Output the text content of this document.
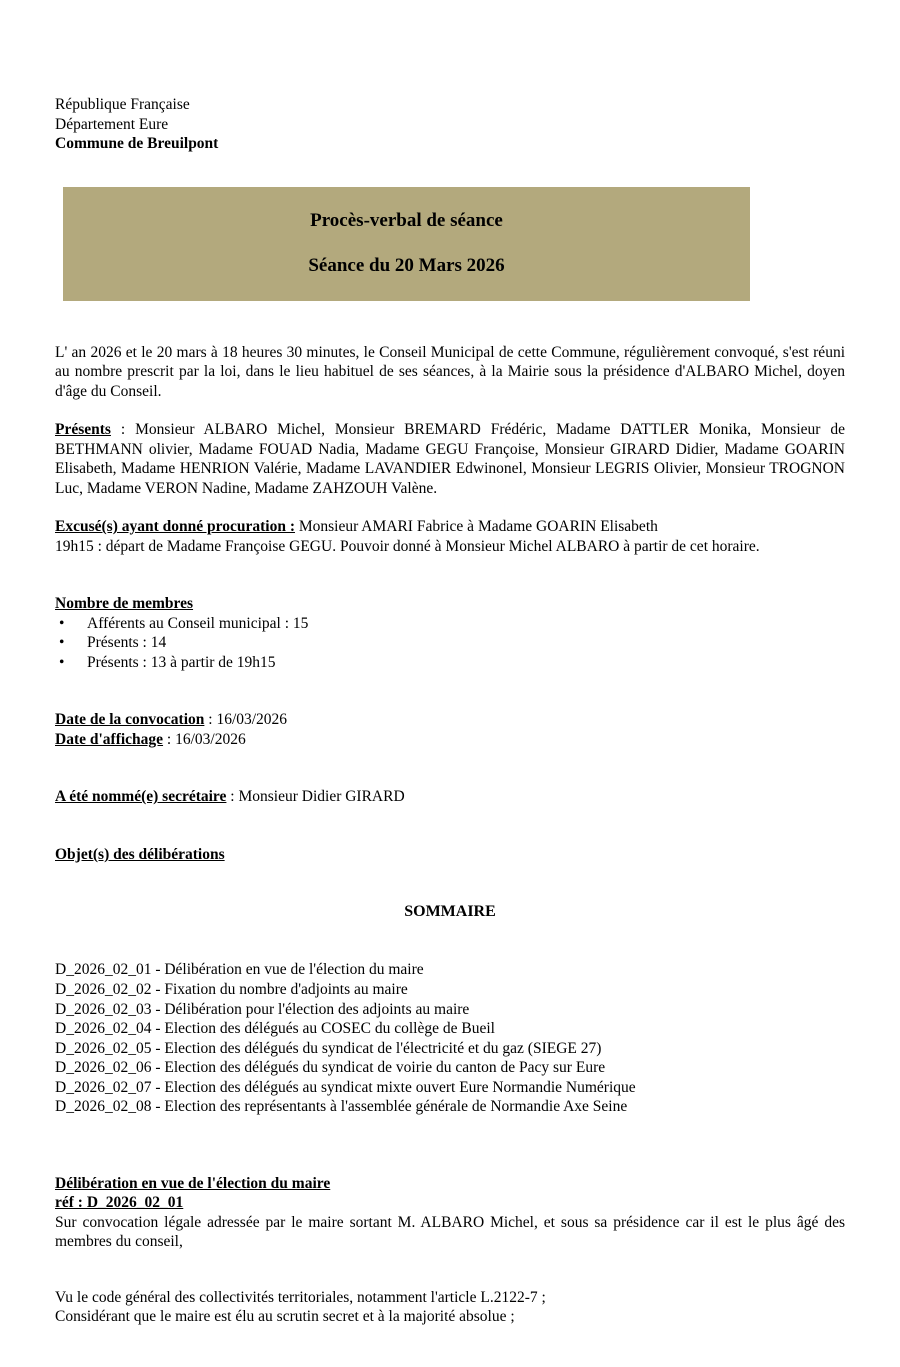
République Française
Département Eure
Commune de Breuilpont
Procès-verbal de séance
Séance du 20 Mars 2026

L' an 2026 et le 20 mars à 18 heures 30 minutes, le Conseil Municipal de cette Commune, régulièrement convoqué, s'est réuni au nombre prescrit par la loi, dans le lieu habituel de ses séances, à la Mairie sous la présidence d'ALBARO Michel, doyen d'âge du Conseil.

Présents : Monsieur ALBARO Michel, Monsieur BREMARD Frédéric, Madame DATTLER Monika, Monsieur de BETHMANN olivier, Madame FOUAD Nadia, Madame GEGU Françoise, Monsieur GIRARD Didier, Madame GOARIN Elisabeth, Madame HENRION Valérie, Madame LAVANDIER Edwinonel, Monsieur LEGRIS Olivier, Monsieur TROGNON Luc, Madame VERON Nadine, Madame ZAHZOUH Valène.

Excusé(s) ayant donné procuration : Monsieur AMARI Fabrice à Madame GOARIN Elisabeth
19h15 : départ de Madame Françoise GEGU. Pouvoir donné à Monsieur Michel ALBARO à partir de cet horaire.
Nombre de membres
•
Afférents au Conseil municipal : 15
•
Présents : 14
•
Présents : 13 à partir de 19h15
Date de la convocation : 16/03/2026
Date d'affichage : 16/03/2026
A été nommé(e) secrétaire : Monsieur Didier GIRARD
Objet(s) des délibérations
SOMMAIRE
D_2026_02_01 - Délibération en vue de l'élection du maire
D_2026_02_02 - Fixation du nombre d'adjoints au maire
D_2026_02_03 - Délibération pour l'élection des adjoints au maire
D_2026_02_04 - Election des délégués au COSEC du collège de Bueil
D_2026_02_05 - Election des délégués du syndicat de l'électricité et du gaz (SIEGE 27)
D_2026_02_06 - Election des délégués du syndicat de voirie du canton de Pacy sur Eure
D_2026_02_07 - Election des délégués au syndicat mixte ouvert Eure Normandie Numérique
D_2026_02_08 - Election des représentants à l'assemblée générale de Normandie Axe Seine
Délibération en vue de l'élection du maire
réf : D_2026_02_01
Sur convocation légale adressée par le maire sortant M. ALBARO Michel, et sous sa présidence car il est le plus âgé des membres du conseil,
Vu le code général des collectivités territoriales, notamment l'article L.2122-7 ;
Considérant que le maire est élu au scrutin secret et à la majorité absolue ;
